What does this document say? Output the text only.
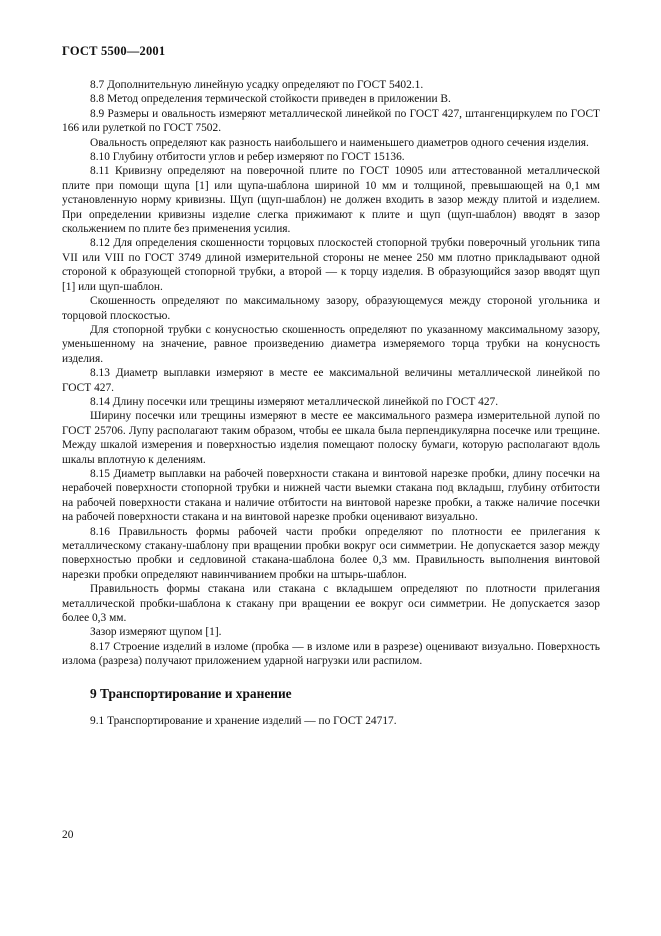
ГОСТ 5500—2001

8.7 Дополнительную линейную усадку определяют по ГОСТ 5402.1.

8.8 Метод определения термической стойкости приведен в приложении В.

8.9 Размеры и овальность измеряют металлической линейкой по ГОСТ 427, штангенциркулем по ГОСТ 166 или рулеткой по ГОСТ 7502.

Овальность определяют как разность наибольшего и наименьшего диаметров одного сечения изделия.

8.10 Глубину отбитости углов и ребер измеряют по ГОСТ 15136.

8.11 Кривизну определяют на поверочной плите по ГОСТ 10905 или аттестованной металлической плите при помощи щупа [1] или щупа-шаблона шириной 10 мм и толщиной, превышающей на 0,1 мм установленную норму кривизны. Щуп (щуп-шаблон) не должен входить в зазор между плитой и изделием. При определении кривизны изделие слегка прижимают к плите и щуп (щуп-шаблон) вводят в зазор скольжением по плите без применения усилия.

8.12 Для определения скошенности торцовых плоскостей стопорной трубки поверочный угольник типа VII или VIII по ГОСТ 3749 длиной измерительной стороны не менее 250 мм плотно прикладывают одной стороной к образующей стопорной трубки, а второй — к торцу изделия. В образующийся зазор вводят щуп [1] или щуп-шаблон.

Скошенность определяют по максимальному зазору, образующемуся между стороной угольника и торцовой плоскостью.

Для стопорной трубки с конусностью скошенность определяют по указанному максимальному зазору, уменьшенному на значение, равное произведению диаметра измеряемого торца трубки на конусность изделия.

8.13 Диаметр выплавки измеряют в месте ее максимальной величины металлической линейкой по ГОСТ 427.

8.14 Длину посечки или трещины измеряют металлической линейкой по ГОСТ 427.

Ширину посечки или трещины измеряют в месте ее максимального размера измерительной лупой по ГОСТ 25706. Лупу располагают таким образом, чтобы ее шкала была перпендикулярна посечке или трещине. Между шкалой измерения и поверхностью изделия помещают полоску бумаги, которую располагают вдоль шкалы вплотную к делениям.

8.15 Диаметр выплавки на рабочей поверхности стакана и винтовой нарезке пробки, длину посечки на нерабочей поверхности стопорной трубки и нижней части выемки стакана под вкладыш, глубину отбитости на рабочей поверхности стакана и наличие отбитости на винтовой нарезке пробки, а также наличие посечки на рабочей поверхности стакана и на винтовой нарезке пробки оценивают визуально.

8.16 Правильность формы рабочей части пробки определяют по плотности ее прилегания к металлическому стакану-шаблону при вращении пробки вокруг оси симметрии. Не допускается зазор между поверхностью пробки и седловиной стакана-шаблона более 0,3 мм. Правильность выполнения винтовой нарезки пробки определяют навинчиванием пробки на штырь-шаблон.

Правильность формы стакана или стакана с вкладышем определяют по плотности прилегания металлической пробки-шаблона к стакану при вращении ее вокруг оси симметрии. Не допускается зазор более 0,3 мм.

Зазор измеряют щупом [1].

8.17 Строение изделий в изломе (пробка — в изломе или в разрезе) оценивают визуально. Поверхность излома (разреза) получают приложением ударной нагрузки или распилом.

9 Транспортирование и хранение

9.1 Транспортирование и хранение изделий — по ГОСТ 24717.

20
